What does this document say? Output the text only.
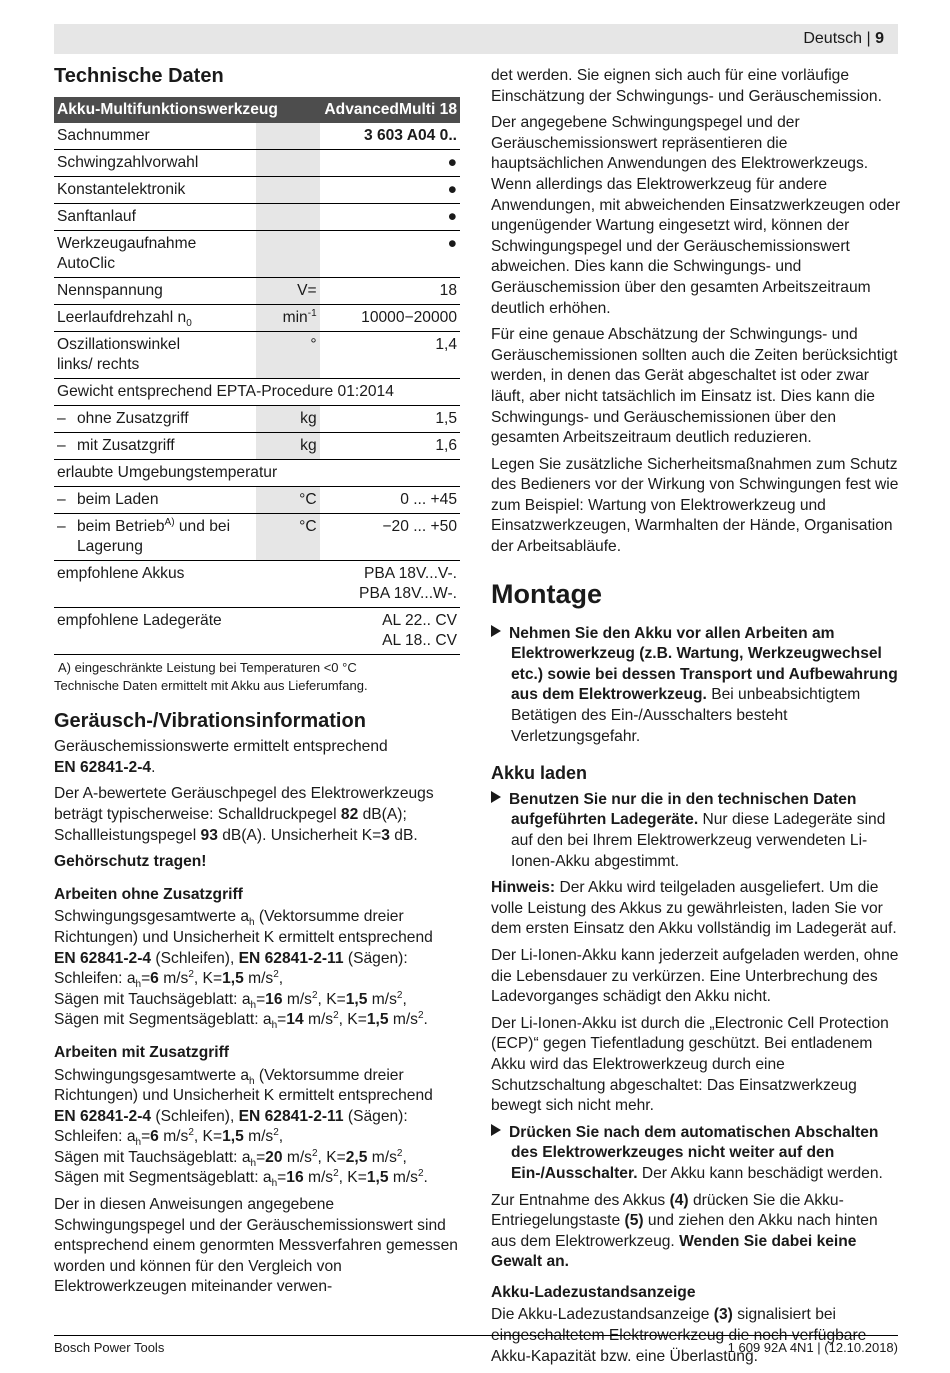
Deutsch | 9
Technische Daten
Akku-Multifunktionswerkzeug		AdvancedMulti 18
Sachnummer		3 603 A04 0..
Schwingzahlvorwahl		●
Konstantelektronik		●
Sanftanlauf		●
Werkzeugaufnahme AutoClic		●
Nennspannung	V=	18
Leerlaufdrehzahl $n_0$	$\min^{-1}$	10000−20000
Oszillationswinkel links/ rechts	°	1,4
Gewicht entsprechend EPTA-Procedure 01:2014		
– ohne Zusatzgriff	kg	1,5
– mit Zusatzgriff	kg	1,6
erlaubte Umgebungstemperatur		
– beim Laden	°C	0 ... +45
– beim Betrieb$^{A)}$ und bei Lagerung	°C	−20 ... +50
empfohlene Akkus		PBA 18V...V-.
PBA 18V...W-.

empfohlene Ladegeräte		AL 22.. CV
AL 18.. CV
A) eingeschränkte Leistung bei Temperaturen <0 °C
Technische Daten ermittelt mit Akku aus Lieferumfang.
Geräusch-/Vibrationsinformation

Geräuschemissionswerte ermittelt entsprechend
EN 62841-2-4.

Der A-bewertete Geräuschpegel des Elektrowerkzeugs beträgt typischerweise: Schalldruckpegel 82 dB(A); Schallleistungspegel 93 dB(A). Unsicherheit K=3 dB.

Gehörschutz tragen!

Arbeiten ohne Zusatzgriff

Schwingungsgesamtwerte $a_h$ (Vektorsumme dreier Richtungen) und Unsicherheit K ermittelt entsprechend
EN 62841-2-4 (Schleifen), EN 62841-2-11 (Sägen):
Schleifen: $a_h=6$ $m/s^2$, K=1,5 $m/s^2$,
Sägen mit Tauchsägeblatt: $a_h=16$ $m/s^2$, K=1,5 $m/s^2$,
Sägen mit Segmentsägeblatt: $a_h=14$ $m/s^2$, K=1,5 $m/s^2$.

Arbeiten mit Zusatzgriff

Schwingungsgesamtwerte $a_h$ (Vektorsumme dreier Richtungen) und Unsicherheit K ermittelt entsprechend
EN 62841-2-4 (Schleifen), EN 62841-2-11 (Sägen):
Schleifen: $a_h=6$ $m/s^2$, K=1,5 $m/s^2$,
Sägen mit Tauchsägeblatt: $a_h=20$ $m/s^2$, K=2,5 $m/s^2$,
Sägen mit Segmentsägeblatt: $a_h=16$ $m/s^2$, K=1,5 $m/s^2$.

Der in diesen Anweisungen angegebene Schwingungspegel und der Geräuschemissionswert sind entsprechend einem genormten Messverfahren gemessen worden und können für den Vergleich von Elektrowerkzeugen miteinander verwen-

det werden. Sie eignen sich auch für eine vorläufige Einschätzung der Schwingungs- und Geräuschemission.

Der angegebene Schwingungspegel und der Geräuschemissionswert repräsentieren die hauptsächlichen Anwendungen des Elektrowerkzeugs. Wenn allerdings das Elektrowerkzeug für andere Anwendungen, mit abweichenden Einsatzwerkzeugen oder ungenügender Wartung eingesetzt wird, können der Schwingungspegel und der Geräuschemissionswert abweichen. Dies kann die Schwingungs- und Geräuschemission über den gesamten Arbeitszeitraum deutlich erhöhen.

Für eine genaue Abschätzung der Schwingungs- und Geräuschemissionen sollten auch die Zeiten berücksichtigt werden, in denen das Gerät abgeschaltet ist oder zwar läuft, aber nicht tatsächlich im Einsatz ist. Dies kann die Schwingungs- und Geräuschemissionen über den gesamten Arbeitszeitraum deutlich reduzieren.

Legen Sie zusätzliche Sicherheitsmaßnahmen zum Schutz des Bedieners vor der Wirkung von Schwingungen fest wie zum Beispiel: Wartung von Elektrowerkzeug und Einsatzwerkzeugen, Warmhalten der Hände, Organisation der Arbeitsabläufe.

Montage

Nehmen Sie den Akku vor allen Arbeiten am Elektrowerkzeug (z.B. Wartung, Werkzeugwechsel etc.) sowie bei dessen Transport und Aufbewahrung aus dem Elektrowerkzeug. Bei unbeabsichtigtem Betätigen des Ein-/Ausschalters besteht Verletzungsgefahr.

Akku laden

Benutzen Sie nur die in den technischen Daten aufgeführten Ladegeräte. Nur diese Ladegeräte sind auf den bei Ihrem Elektrowerkzeug verwendeten Li-Ionen-Akku abgestimmt.

Hinweis: Der Akku wird teilgeladen ausgeliefert. Um die volle Leistung des Akkus zu gewährleisten, laden Sie vor dem ersten Einsatz den Akku vollständig im Ladegerät auf.

Der Li-Ionen-Akku kann jederzeit aufgeladen werden, ohne die Lebensdauer zu verkürzen. Eine Unterbrechung des Ladevorganges schädigt den Akku nicht.

Der Li-Ionen-Akku ist durch die „Electronic Cell Protection (ECP)“ gegen Tiefentladung geschützt. Bei entladenem Akku wird das Elektrowerkzeug durch eine Schutzschaltung abgeschaltet: Das Einsatzwerkzeug bewegt sich nicht mehr.

Drücken Sie nach dem automatischen Abschalten des Elektrowerkzeuges nicht weiter auf den Ein-/Ausschalter. Der Akku kann beschädigt werden.

Zur Entnahme des Akkus (4) drücken Sie die Akku-Entriegelungstaste (5) und ziehen den Akku nach hinten aus dem Elektrowerkzeug. Wenden Sie dabei keine Gewalt an.

Akku-Ladezustandsanzeige

Die Akku-Ladezustandsanzeige (3) signalisiert bei eingeschaltetem Elektrowerkzeug die noch verfügbare Akku-Kapazität bzw. eine Überlastung.

Bosch Power Tools	1 609 92A 4N1 | (12.10.2018)
